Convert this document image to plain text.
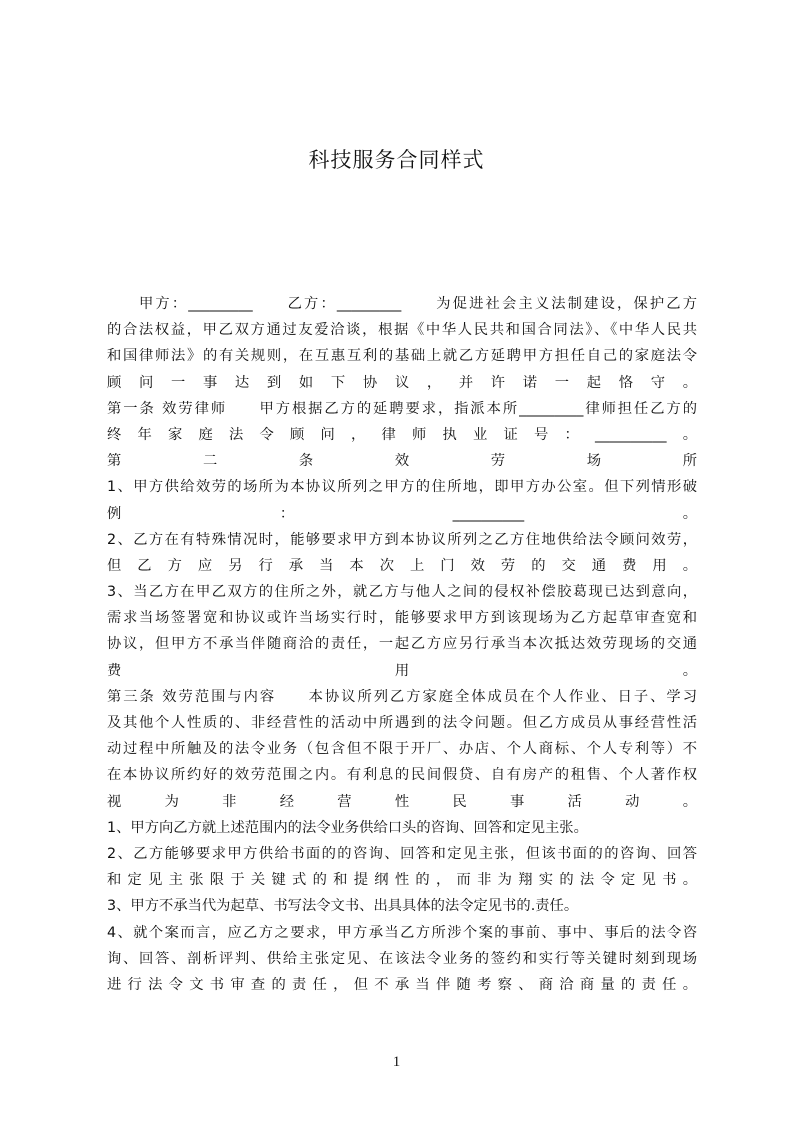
科技服务合同样式
甲方：_________　　乙方：_________　　为促进社会主义法制建设，保护乙方
的合法权益，甲乙双方通过友爱洽谈，根据《中华人民共和国合同法》、《中华人民共
和国律师法》的有关规则，在互惠互利的基础上就乙方延聘甲方担任自己的家庭法令
顾问一事达到如下协议，并许诺一起恪守。
第一条 效劳律师　　甲方根据乙方的延聘要求，指派本所_________律师担任乙方的
终年家庭法令顾问，律师执业证号：__________。
第 二 条 效 劳 场 所
1、甲方供给效劳的场所为本协议所列之甲方的住所地，即甲方办公室。但下列情形破
例：__________。
2、乙方在有特殊情况时，能够要求甲方到本协议所列之乙方住地供给法令顾问效劳，
但乙方应另行承当本次上门效劳的交通费用。
3、当乙方在甲乙双方的住所之外，就乙方与他人之间的侵权补偿胶葛现已达到意向，
需求当场签署宽和协议或许当场实行时，能够要求甲方到该现场为乙方起草审查宽和
协议，但甲方不承当伴随商洽的责任，一起乙方应另行承当本次抵达效劳现场的交通
费 用 。
第三条 效劳范围与内容　　本协议所列乙方家庭全体成员在个人作业、日子、学习
及其他个人性质的、非经营性的活动中所遇到的法令问题。但乙方成员从事经营性活
动过程中所触及的法令业务（包含但不限于开厂、办店、个人商标、个人专利等）不
在本协议所约好的效劳范围之内。有利息的民间假贷、自有房产的租售、个人著作权
视 为 非 经 营 性 民 事 活 动 。
1、甲方向乙方就上述范围内的法令业务供给口头的咨询、回答和定见主张。
2、乙方能够要求甲方供给书面的的咨询、回答和定见主张，但该书面的的咨询、回答
和定见主张限于关键式的和提纲性的，而非为翔实的法令定见书。
3、甲方不承当代为起草、书写法令文书、出具具体的法令定见书的.责任。
4、就个案而言，应乙方之要求，甲方承当乙方所涉个案的事前、事中、事后的法令咨
询、回答、剖析评判、供给主张定见、在该法令业务的签约和实行等关键时刻到现场
进行法令文书审查的责任，但不承当伴随考察、商洽商量的责任。
1
